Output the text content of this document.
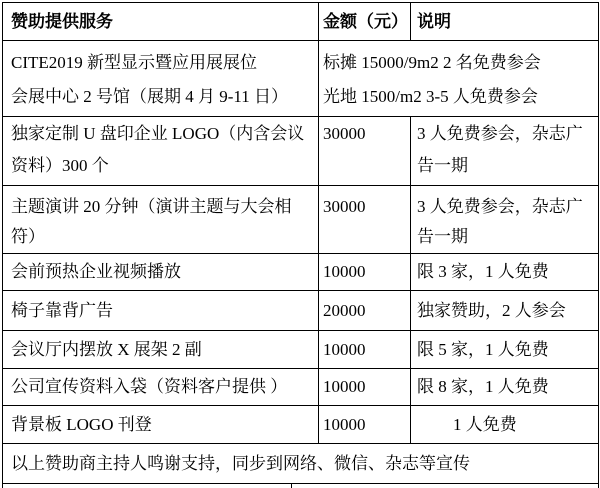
赞助提供服务	金额（元）	说明

CITE2019 新型显示暨应用展展位
会展中心 2 号馆（展期 4 月 9-11 日）	标摊 15000/9m2 2 名免费参会
光地 1500/m2 3-5 人免费参会	

独家定制 U 盘印企业 LOGO（内含会议
资料）300 个	30000	3 人免费参会，杂志广
告一期

主题演讲 20 分钟（演讲主题与大会相
符）	30000	3 人免费参会，杂志广
告一期

会前预热企业视频播放	10000	限 3 家，1 人免费
椅子靠背广告	20000	独家赞助，2 人参会
会议厅内摆放 X 展架 2 副	10000	限 5 家，1 人免费
公司宣传资料入袋（资料客户提供 ）	10000	限 8 家，1 人免费
背景板 LOGO 刊登	10000	1 人免费
以上赞助商主持人鸣谢支持，同步到网络、微信、杂志等宣传		
